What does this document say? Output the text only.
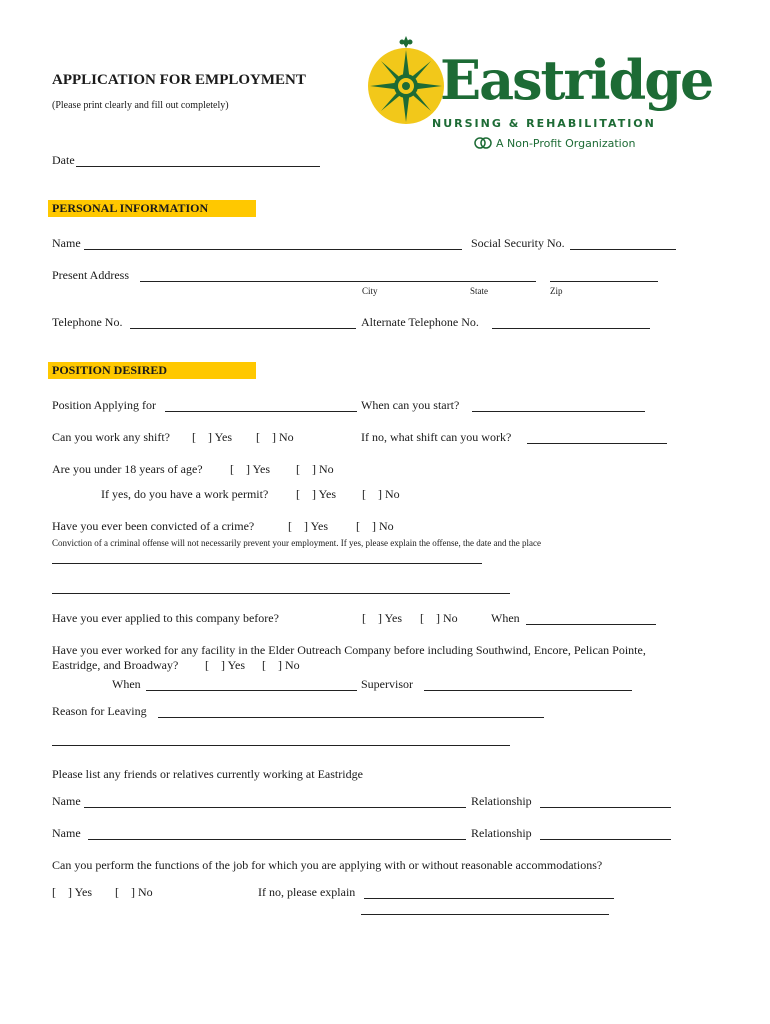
APPLICATION FOR EMPLOYMENT
(Please print clearly and fill out completely)	Eastridge
NURSING & REHABILITATION
A Non-Profit Organization
Date
PERSONAL INFORMATION
Name	Social Security No.
Present Address
City	State	Zip
Telephone No.	Alternate Telephone No.
POSITION DESIRED
Position Applying for	When can you start?
Can you work any shift? [ ] Yes [ ] No	If no, what shift can you work?
Are you under 18 years of age? [ ] Yes [ ] No
If yes, do you have a work permit? [ ] Yes [ ] No
Have you ever been convicted of a crime?	[ ] Yes [ ] No
Conviction of a criminal offense will not necessarily prevent your employment. If yes, please explain the offense, the date and the place
Have you ever applied to this company before?	[ ] Yes [ ] No	When
Have you ever worked for any facility in the Elder Outreach Company before including Southwind, Encore, Pelican Pointe,
Eastridge, and Broadway? [ ] Yes [ ] No
When	Supervisor
Reason for Leaving
Please list any friends or relatives currently working at Eastridge
Name	Relationship
Name	Relationship
Can you perform the functions of the job for which you are applying with or without reasonable accommodations?
[ ] Yes [ ] No	If no, please explain
